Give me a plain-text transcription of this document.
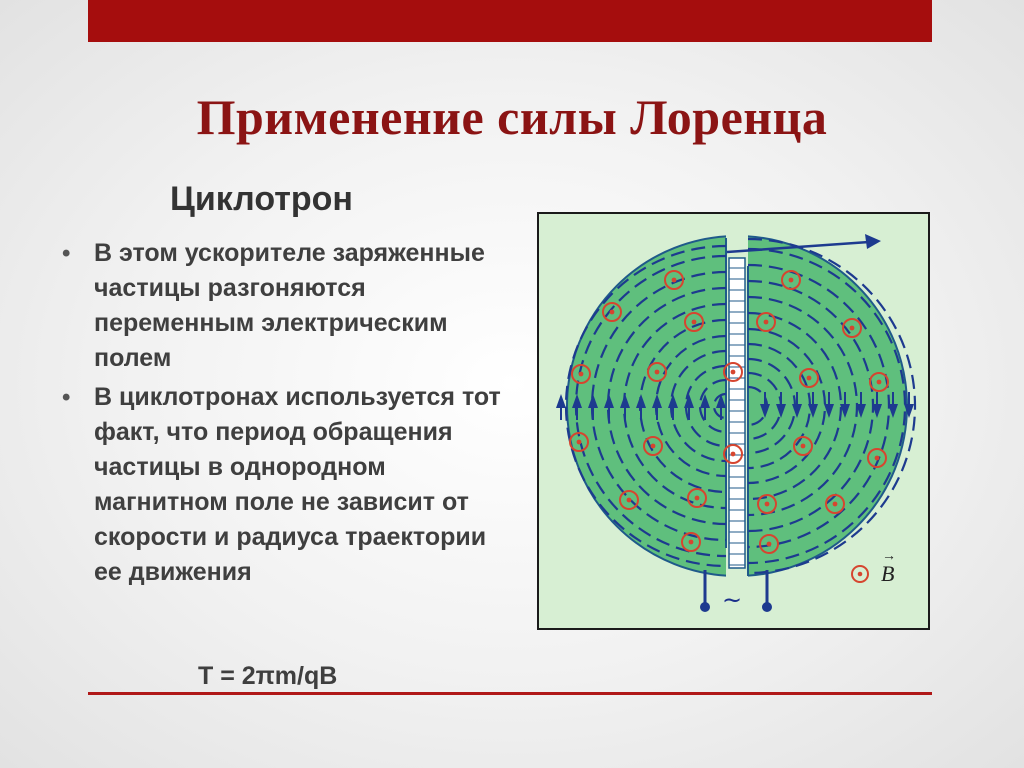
Применение силы Лоренца
Циклотрон
• В этом ускорителе заряженные частицы разгоняются переменным электрическим полем
• В циклотронах используется тот факт, что период обращения частицы в однородном магнитном поле не зависит от скорости и радиуса траектории ее движения
T = 2πm/qB
→
B
~
